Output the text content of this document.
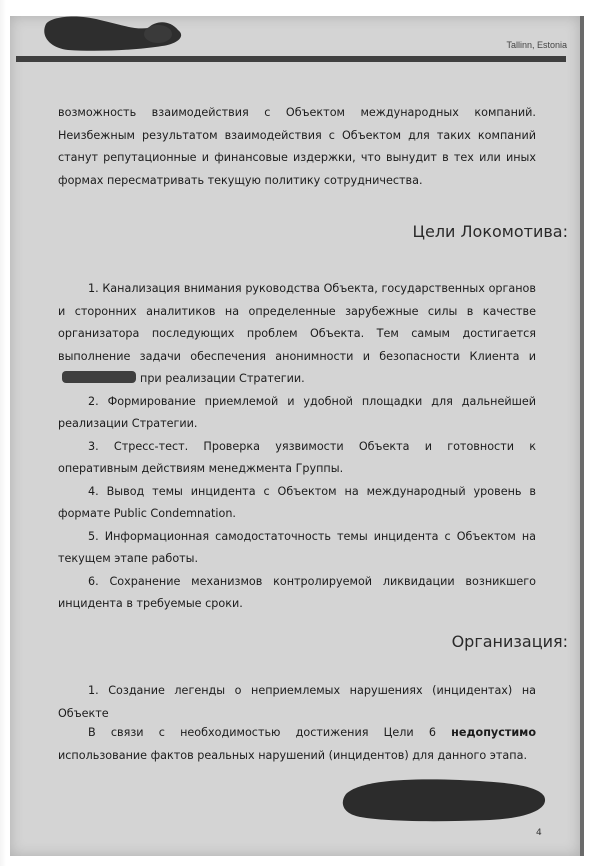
Tallinn, Estonia
возможность взаимодействия с Объектом международных компаний. Неизбежным результатом взаимодействия с Объектом для таких компаний станут репутационные и финансовые издержки, что вынудит в тех или иных формах пересматривать текущую политику сотрудничества.
Цели Локомотива:

1. Канализация внимания руководства Объекта, государственных органов и сторонних аналитиков на определенные зарубежные силы в качестве организатора последующих проблем Объекта. Тем самым достигается выполнение задачи обеспечения анонимности и безопасности Клиента ипри реализации Стратегии.

2. Формирование приемлемой и удобной площадки для дальнейшей реализации Стратегии.

3. Стресс-тест. Проверка уязвимости Объекта и готовности к оперативным действиям менеджмента Группы.

4. Вывод темы инцидента с Объектом на международный уровень в формате Public Condemnation.

5. Информационная самодостаточность темы инцидента с Объектом на текущем этапе работы.

6. Сохранение механизмов контролируемой ликвидации возникшего инцидента в требуемые сроки.

Организация:

1. Создание легенды о неприемлемых нарушениях (инцидентах) на Объекте

В связи с необходимостью достижения Цели 6 недопустимо использование фактов реальных нарушений (инцидентов) для данного этапа.

4
